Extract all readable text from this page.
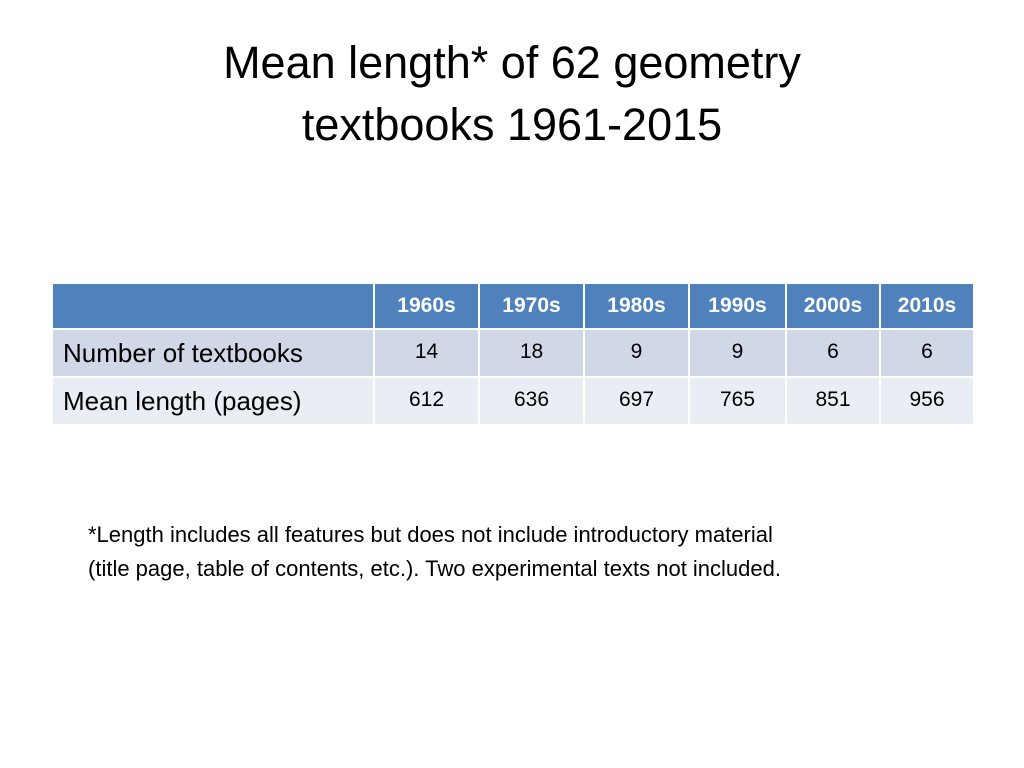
Mean length* of 62 geometry
textbooks 1961-2015
	1960s	1970s	1980s	1990s	2000s	2010s
Number of textbooks	14	18	9	9	6	6
Mean length (pages)	612	636	697	765	851	956
*Length includes all features but does not include introductory material
(title page, table of contents, etc.). Two experimental texts not included.
